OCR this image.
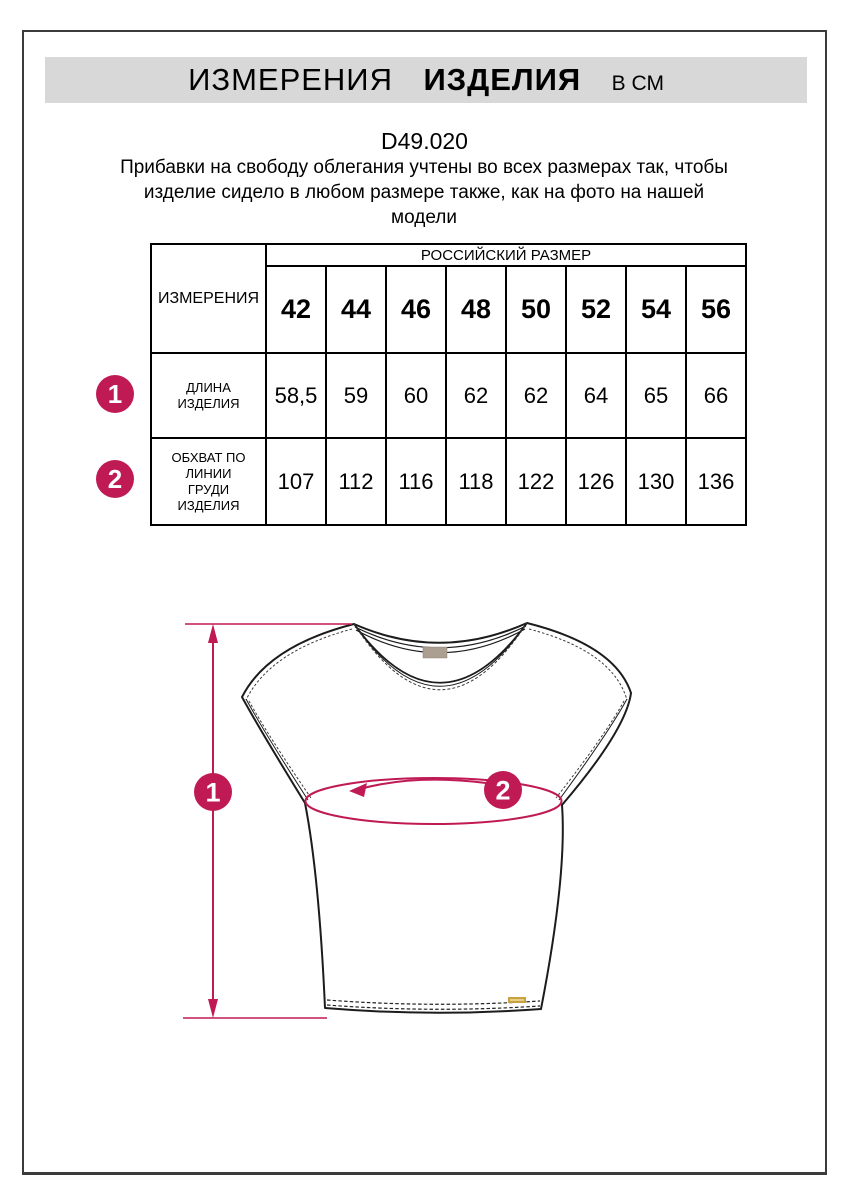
ИЗМЕРЕНИЯ ИЗДЕЛИЯ В СМ
D49.020
Прибавки на свободу облегания учтены во всех размерах так, чтобы
изделие сидело в любом размере также, как на фото на нашей
модели
ИЗМЕРЕНИЯ	РОССИЙСКИЙ РАЗМЕР							
	42	44	46	48	50	52	54	56

ДЛИНА ИЗДЕЛИЯ	58,5	59	60	62	62	64	65	66

ОБХВАТ ПО ЛИНИИ ГРУДИ ИЗДЕЛИЯ	107	112	116	118	122	126	130	136
1
2
1	2
